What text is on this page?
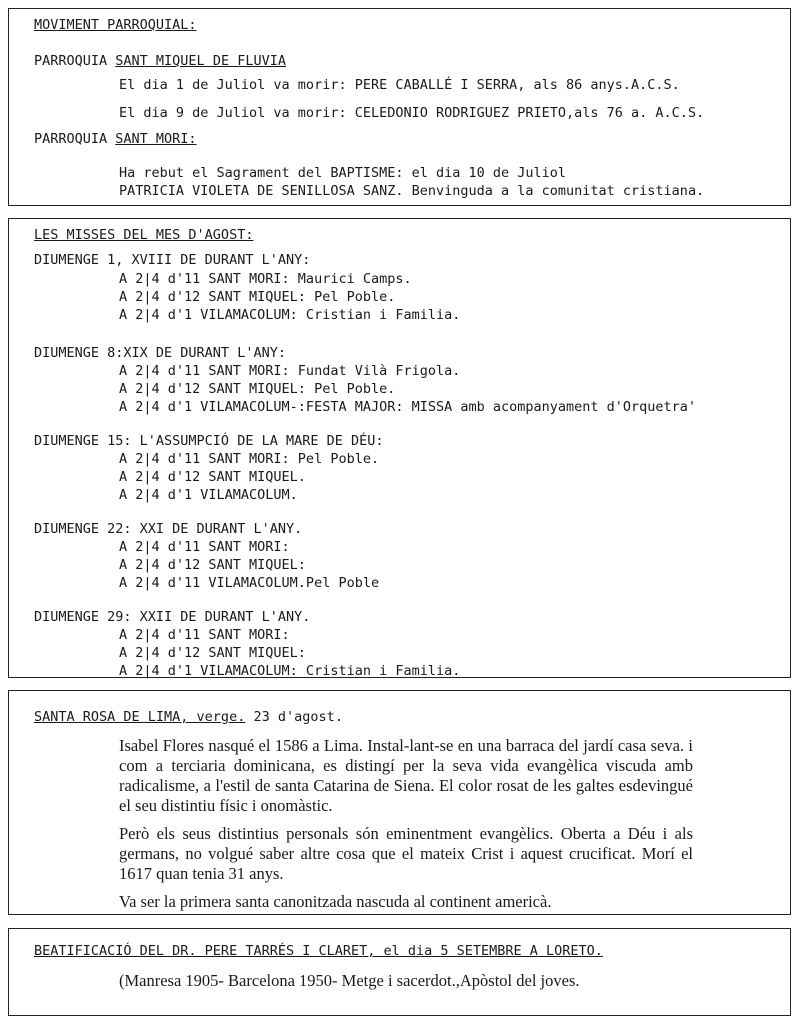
MOVIMENT PARROQUIAL:
PARROQUIA SANT MIQUEL DE FLUVIA
El dia 1 de Juliol va morir: PERE CABALLÉ I SERRA, als 86 anys.A.C.S.
El dia 9 de Juliol va morir: CELEDONIO RODRIGUEZ PRIETO,als 76 a. A.C.S.
PARROQUIA SANT MORI:
Ha rebut el Sagrament del BAPTISME: el dia 10 de Juliol
PATRICIA VIOLETA DE SENILLOSA SANZ. Benvinguda a la comunitat cristiana.
LES MISSES DEL MES D'AGOST:
DIUMENGE 1, XVIII DE DURANT L'ANY:
A 2|4 d'11 SANT MORI: Maurici Camps.
A 2|4 d'12 SANT MIQUEL: Pel Poble.
A 2|4 d'1 VILAMACOLUM: Cristian i Familia.
DIUMENGE 8:XIX DE DURANT L'ANY:
A 2|4 d'11 SANT MORI: Fundat Vilà Frigola.
A 2|4 d'12 SANT MIQUEL: Pel Poble.
A 2|4 d'1 VILAMACOLUM-:FESTA MAJOR: MISSA amb acompanyament d'Orquetra'
DIUMENGE 15: L'ASSUMPCIÓ DE LA MARE DE DÉU:
A 2|4 d'11 SANT MORI: Pel Poble.
A 2|4 d'12 SANT MIQUEL.
A 2|4 d'1 VILAMACOLUM.
DIUMENGE 22: XXI DE DURANT L'ANY.
A 2|4 d'11 SANT MORI:
A 2|4 d'12 SANT MIQUEL:
A 2|4 d'11 VILAMACOLUM.Pel Poble
DIUMENGE 29: XXII DE DURANT L'ANY.
A 2|4 d'11 SANT MORI:
A 2|4 d'12 SANT MIQUEL:
A 2|4 d'1 VILAMACOLUM: Cristian i Familia.
SANTA ROSA DE LIMA, verge. 23 d'agost.

Isabel Flores nasqué el 1586 a Lima. Instal-lant-se en una barraca del jardí casa seva. i com a terciaria dominicana, es distingí per la seva vida evangèlica viscuda amb radicalisme, a l'estil de santa Catarina de Siena. El color rosat de les galtes esdevingué el seu distintiu físic i onomàstic.

Però els seus distintius personals són eminentment evangèlics. Oberta a Déu i als germans, no volgué saber altre cosa que el mateix Crist i aquest crucificat. Morí el 1617 quan tenia 31 anys.

Va ser la primera santa canonitzada nascuda al continent americà.

BEATIFICACIÓ DEL DR. PERE TARRÉS I CLARET, el dia 5 SETEMBRE A LORETO.
(Manresa 1905- Barcelona 1950- Metge i sacerdot.,Apòstol del joves.
